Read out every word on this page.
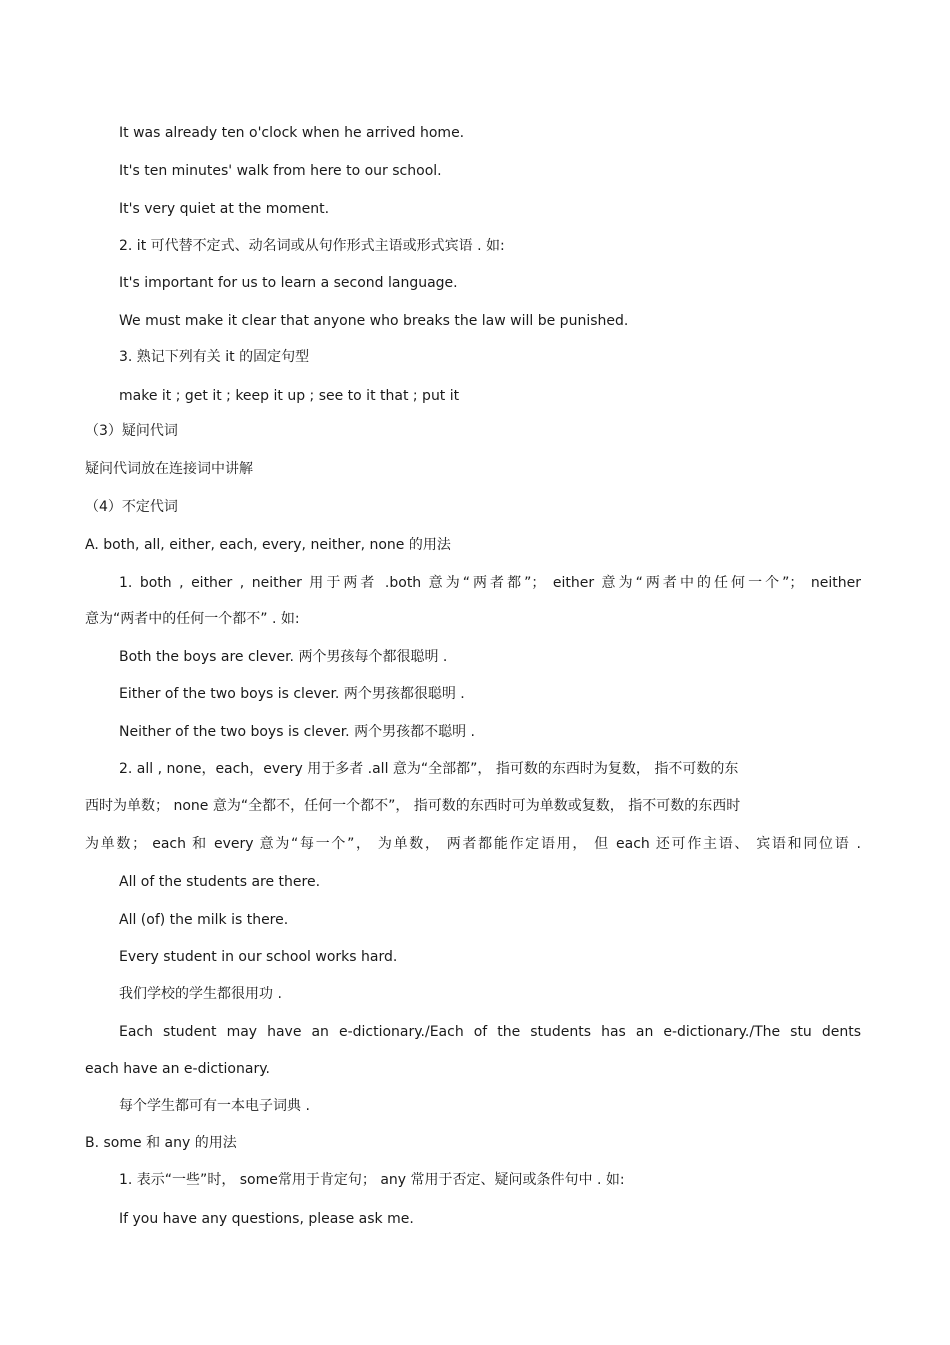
It was already ten o'clock when he arrived home.
It's ten minutes' walk from here to our school.
It's very quiet at the moment.
2. it 可代替不定式、动名词或从句作形式主语或形式宾语 . 如:
It's important for us to learn a second language.
We must make it clear that anyone who breaks the law will be punished.
3. 熟记下列有关 it 的固定句型
make it ; get it ; keep it up ; see to it that ; put it
（3）疑问代词
疑问代词放在连接词中讲解
（4）不定代词
A. both, all, either, each, every, neither, none 的用法
1. both , either , neither 用于两者 .both 意为“两者都”； either 意为“两者中的任何一个”； neither
意为“两者中的任何一个都不” . 如:
Both the boys are clever. 两个男孩每个都很聪明 .
Either of the two boys is clever. 两个男孩都很聪明 .
Neither of the two boys is clever. 两个男孩都不聪明 .
2. all , none，each，every 用于多者 .all 意为“全部都”， 指可数的东西时为复数， 指不可数的东
西时为单数； none 意为“全都不，任何一个都不”， 指可数的东西时可为单数或复数， 指不可数的东西时
为单数； each 和 every 意为“每一个”， 为单数， 两者都能作定语用， 但 each 还可作主语、 宾语和同位语 .
All of the students are there.
All (of) the milk is there.
Every student in our school works hard.
我们学校的学生都很用功 .
Each student may have an e-dictionary./Each of the students has an e-dictionary./The stu dents
each have an e-dictionary.
每个学生都可有一本电子词典 .
B. some 和 any 的用法
1. 表示“一些”时， some常用于肯定句； any 常用于否定、疑问或条件句中 . 如:
If you have any questions, please ask me.
